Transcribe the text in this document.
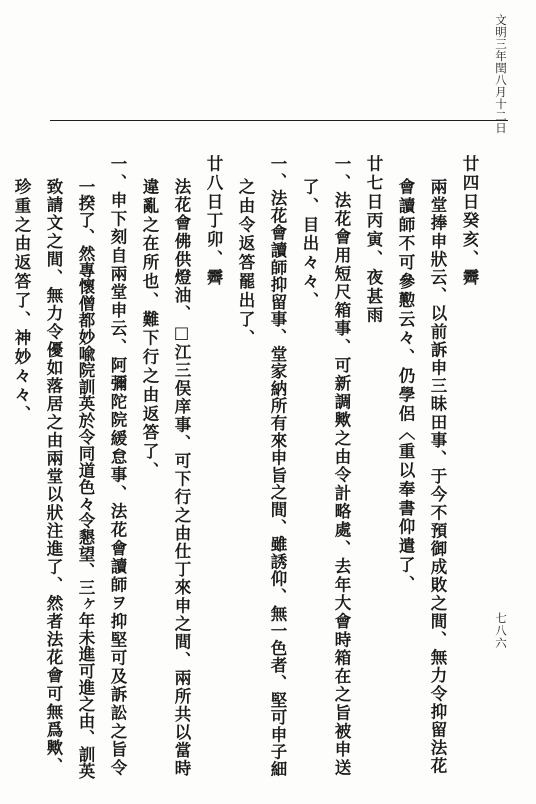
文明三年閏八月十二日
七八六
廿四日癸亥、霽
兩堂捧申狀云、以前訴申三昧田事、于今不預御成敗之間、無力令抑留法花
會讀師不可參懃云々、仍學侶〈重以奉書仰遣了、
廿七日丙寅、夜甚雨
一、法花會用短尺箱事、可新調歟之由令計略處、去年大會時箱在之旨被申送
了、目出々々、
一、法花會讀師抑留事、堂家納所有來申旨之間、雖誘仰、無一色者、堅可申子細
之由令返答罷出了、
廿八日丁卯、霽
法花會佛供燈油、□江三俣庠事、可下行之由仕丁來申之間、兩所共以當時
違亂之在所也、難下行之由返答了、
一、申下刻自兩堂申云、阿彌陀院緩怠事、法花會讀師ヲ抑堅可及訴訟之旨令
一揆了、然專懷僧都妙喩院訓英於令同道色々令懇望、三ヶ年未進可進之由、訓英
致請文之間、無力令優如落居之由兩堂以狀注進了、然者法花會可無爲歟、
珍重之由返答了、神妙々々、
